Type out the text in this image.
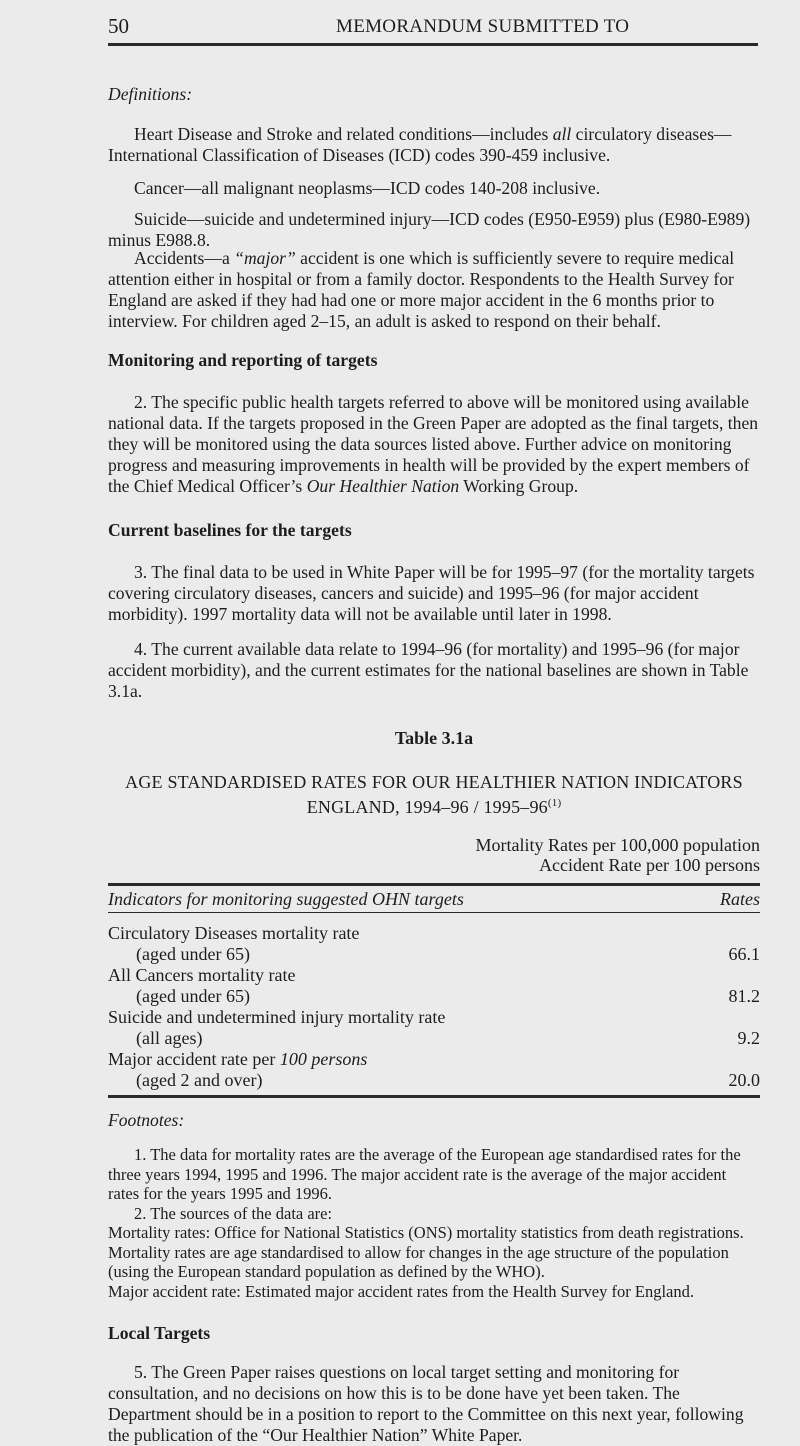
50	MEMORANDUM SUBMITTED TO
Definitions:
Heart Disease and Stroke and related conditions—includes all circulatory diseases—International Classification of Diseases (ICD) codes 390-459 inclusive.
Cancer—all malignant neoplasms—ICD codes 140-208 inclusive.
Suicide—suicide and undetermined injury—ICD codes (E950-E959) plus (E980-E989) minus E988.8.
Accidents—a “major” accident is one which is sufficiently severe to require medical attention either in hospital or from a family doctor. Respondents to the Health Survey for England are asked if they had had one or more major accident in the 6 months prior to interview. For children aged 2–15, an adult is asked to respond on their behalf.
Monitoring and reporting of targets
2. The specific public health targets referred to above will be monitored using available national data. If the targets proposed in the Green Paper are adopted as the final targets, then they will be monitored using the data sources listed above. Further advice on monitoring progress and measuring improvements in health will be provided by the expert members of the Chief Medical Officer’s Our Healthier Nation Working Group.
Current baselines for the targets
3. The final data to be used in White Paper will be for 1995–97 (for the mortality targets covering circulatory diseases, cancers and suicide) and 1995–96 (for major accident morbidity). 1997 mortality data will not be available until later in 1998.
4. The current available data relate to 1994–96 (for mortality) and 1995–96 (for major accident morbidity), and the current estimates for the national baselines are shown in Table 3.1a.
Table 3.1a
AGE STANDARDISED RATES FOR OUR HEALTHIER NATION INDICATORS
ENGLAND, 1994–96 / 1995–96$^{(1)}$
Mortality Rates per 100,000 population
Accident Rate per 100 persons
Indicators for monitoring suggested OHN targets	Rates
Circulatory Diseases mortality rate
(aged under 65)	66.1
All Cancers mortality rate
(aged under 65)	81.2
Suicide and undetermined injury mortality rate
(all ages)	9.2
Major accident rate per 100 persons
(aged 2 and over)	20.0
Footnotes:

1. The data for mortality rates are the average of the European age standardised rates for the three years 1994, 1995 and 1996. The major accident rate is the average of the major accident rates for the years 1995 and 1996.

2. The sources of the data are:

Mortality rates: Office for National Statistics (ONS) mortality statistics from death registrations. Mortality rates are age standardised to allow for changes in the age structure of the population (using the European standard population as defined by the WHO).

Major accident rate: Estimated major accident rates from the Health Survey for England.

Local Targets
5. The Green Paper raises questions on local target setting and monitoring for consultation, and no decisions on how this is to be done have yet been taken. The Department should be in a position to report to the Committee on this next year, following the publication of the “Our Healthier Nation” White Paper.
